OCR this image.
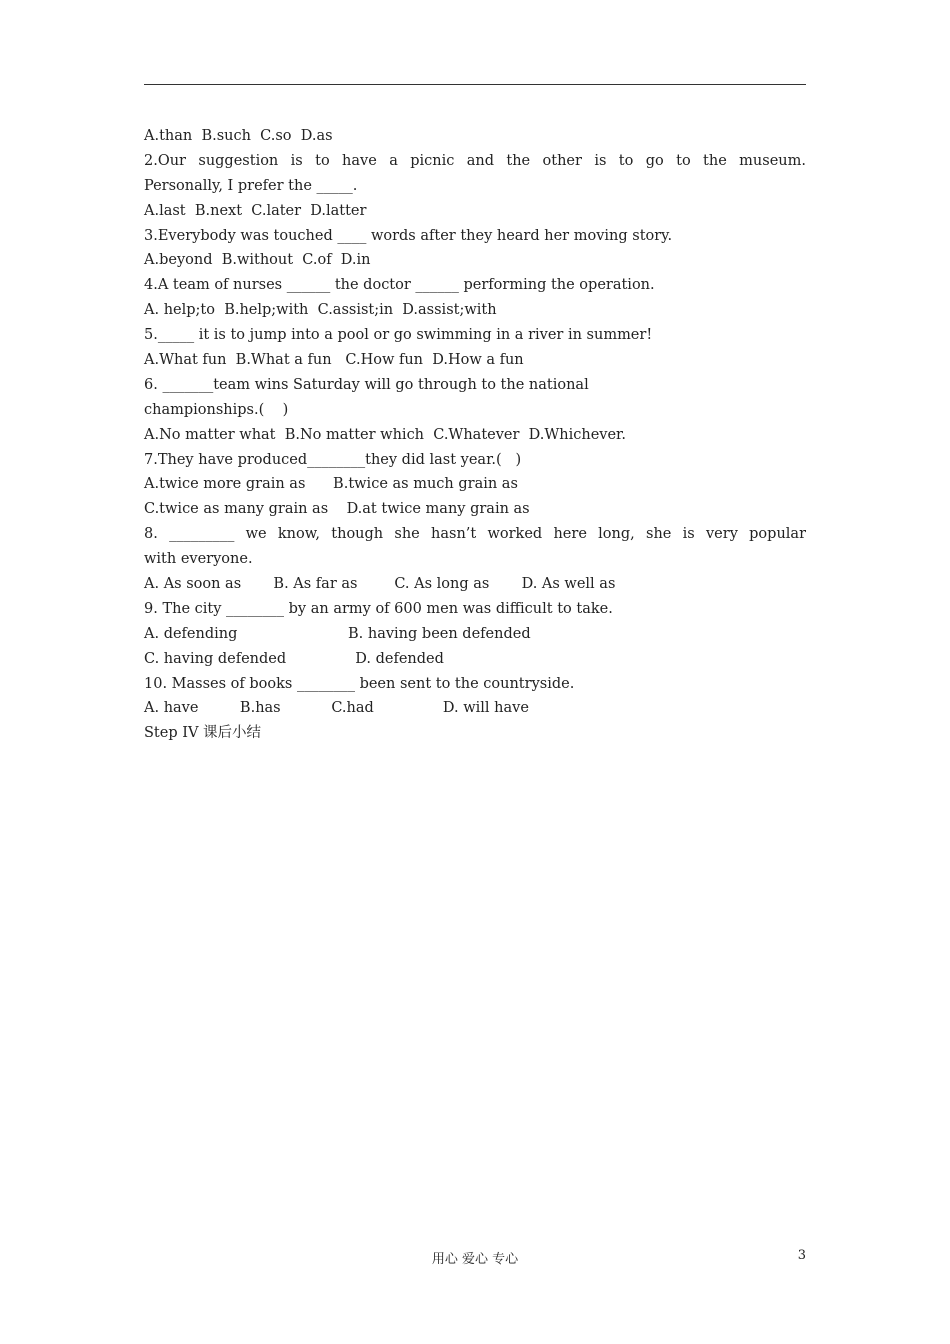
A.than  B.such  C.so  D.as
2.Our suggestion is to have a picnic and the other is to go to the museum.
Personally, I prefer the _____.
A.last  B.next  C.later  D.latter
3.Everybody was touched ____ words after they heard her moving story.
A.beyond  B.without  C.of  D.in
4.A team of nurses ______ the doctor ______ performing the operation.
A. help;to  B.help;with  C.assist;in  D.assist;with
5._____ it is to jump into a pool or go swimming in a river in summer!
A.What fun  B.What a fun   C.How fun  D.How a fun
6. _______team wins Saturday will go through to the national
championships.(    )
A.No matter what  B.No matter which  C.Whatever  D.Whichever.
7.They have produced________they did last year.(   )
A.twice more grain as      B.twice as much grain as
C.twice as many grain as    D.at twice many grain as
8. _________ we know, though she hasn’t worked here long, she is very popular
with everyone.
A. As soon as       B. As far as        C. As long as       D. As well as
9. The city ________ by an army of 600 men was difficult to take.
A. defending                        B. having been defended
C. having defended               D. defended
10. Masses of books ________ been sent to the countryside.
A. have         B.has           C.had               D. will have
Step IV 课后小结
用心 爱心 专心	3
